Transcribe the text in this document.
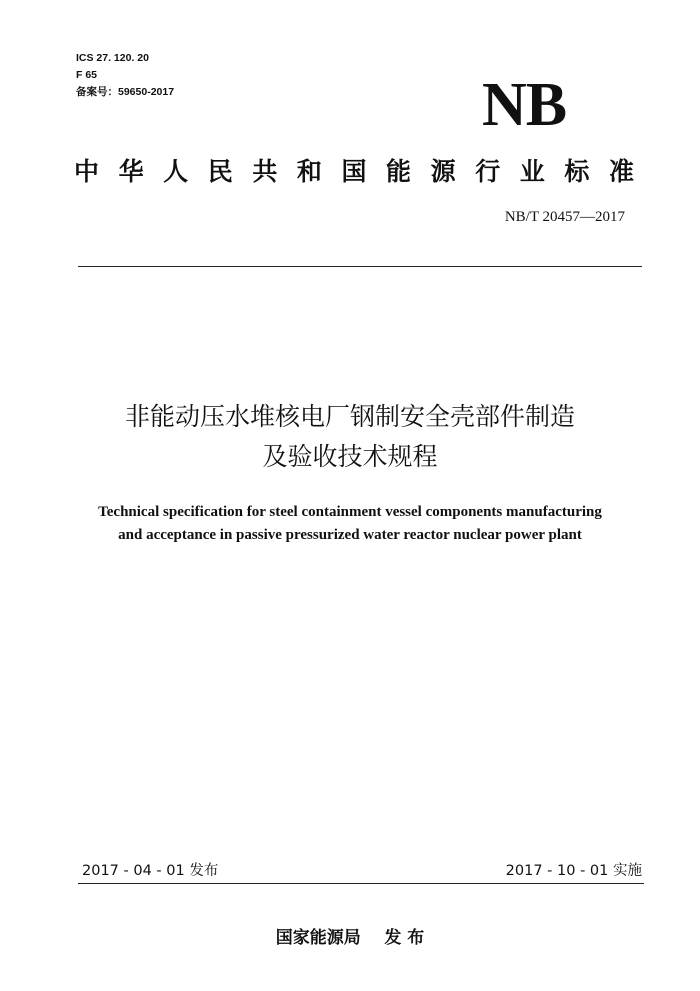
ICS 27. 120. 20
F 65
备案号：59650-2017	NB
中 华 人 民 共 和 国 能 源 行 业 标 准
NB/T 20457—2017
非能动压水堆核电厂钢制安全壳部件制造
及验收技术规程
Technical specification for steel containment vessel components manufacturing
and acceptance in passive pressurized water reactor nuclear power plant
2017 - 04 - 01 发布	2017 - 10 - 01 实施
国家能源局    发 布
